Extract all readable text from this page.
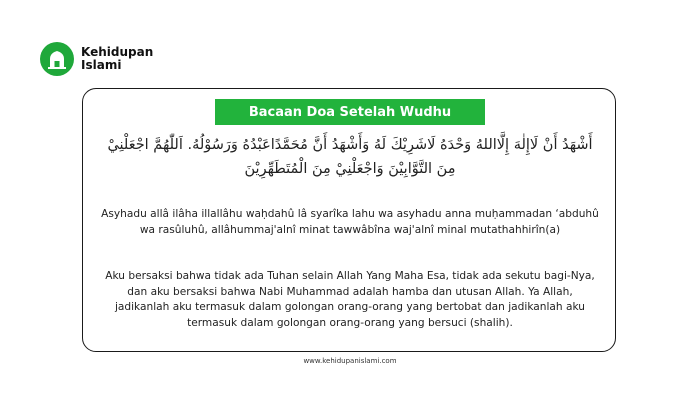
Kehidupan
Islami
Bacaan Doa Setelah Wudhu
أَشْهَدُ أَنْ لَاإِلٰهَ إِلَّااللهُ وَحْدَهُ لَاشَرِيْكَ لَهُ وَأَشْهَدُ أَنَّ مُحَمَّدًاعَبْدُهُ وَرَسُوْلُهُ. اَللّٰهُمَّ اجْعَلْنِيْ مِنَ التَّوَّابِيْنَ وَاجْعَلْنِيْ مِنَ الْمُتَطَهِّرِيْنَ
Asyhadu allâ ilâha illallâhu waḥdahû lâ syarîka lahu wa asyhadu anna muḥammadan ‘abduhû wa rasûluhû, allâhummaj'alnî minat tawwâbîna waj'alnî minal mutathahhirîn(a)
Aku bersaksi bahwa tidak ada Tuhan selain Allah Yang Maha Esa, tidak ada sekutu bagi-Nya, dan aku bersaksi bahwa Nabi Muhammad adalah hamba dan utusan Allah. Ya Allah, jadikanlah aku termasuk dalam golongan orang-orang yang bertobat dan jadikanlah aku termasuk dalam golongan orang-orang yang bersuci (shalih).
www.kehidupanislami.com
